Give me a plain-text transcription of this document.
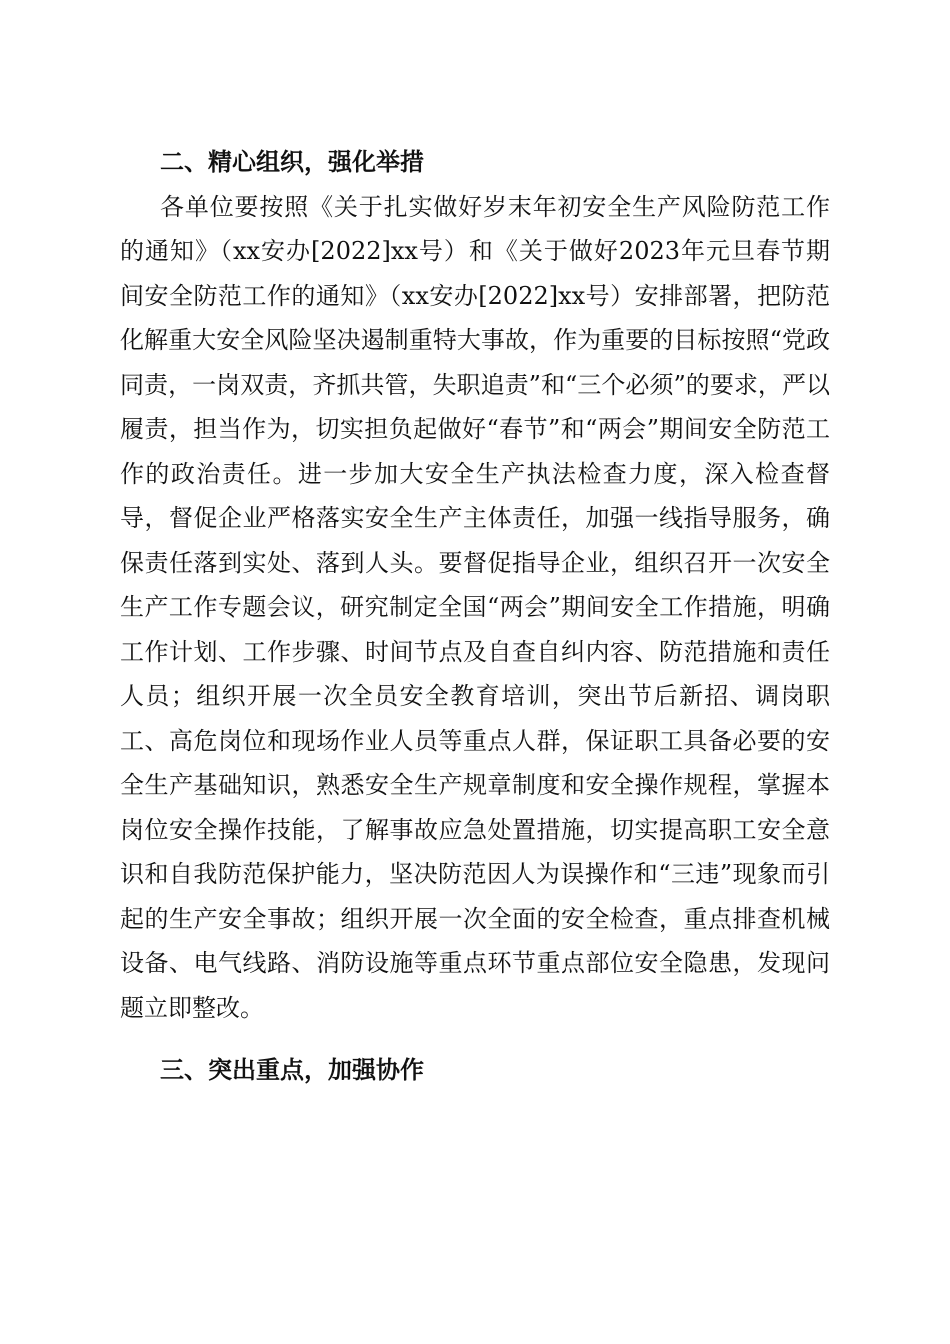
二、精心组织，强化举措

各单位要按照《关于扎实做好岁末年初安全生产风险防范工作的通知》（xx安办[2022]xx号）和《关于做好2023年元旦春节期间安全防范工作的通知》（xx安办[2022]xx号）安排部署，把防范化解重大安全风险坚决遏制重特大事故，作为重要的目标按照“党政同责，一岗双责，齐抓共管，失职追责”和“三个必须”的要求，严以履责，担当作为，切实担负起做好“春节”和“两会”期间安全防范工作的政治责任。进一步加大安全生产执法检查力度，深入检查督导，督促企业严格落实安全生产主体责任，加强一线指导服务，确保责任落到实处、落到人头。要督促指导企业，组织召开一次安全生产工作专题会议，研究制定全国“两会”期间安全工作措施，明确工作计划、工作步骤、时间节点及自查自纠内容、防范措施和责任人员；组织开展一次全员安全教育培训，突出节后新招、调岗职工、高危岗位和现场作业人员等重点人群，保证职工具备必要的安全生产基础知识，熟悉安全生产规章制度和安全操作规程，掌握本岗位安全操作技能，了解事故应急处置措施，切实提高职工安全意识和自我防范保护能力，坚决防范因人为误操作和“三违”现象而引起的生产安全事故；组织开展一次全面的安全检查，重点排查机械设备、电气线路、消防设施等重点环节重点部位安全隐患，发现问题立即整改。

三、突出重点，加强协作
